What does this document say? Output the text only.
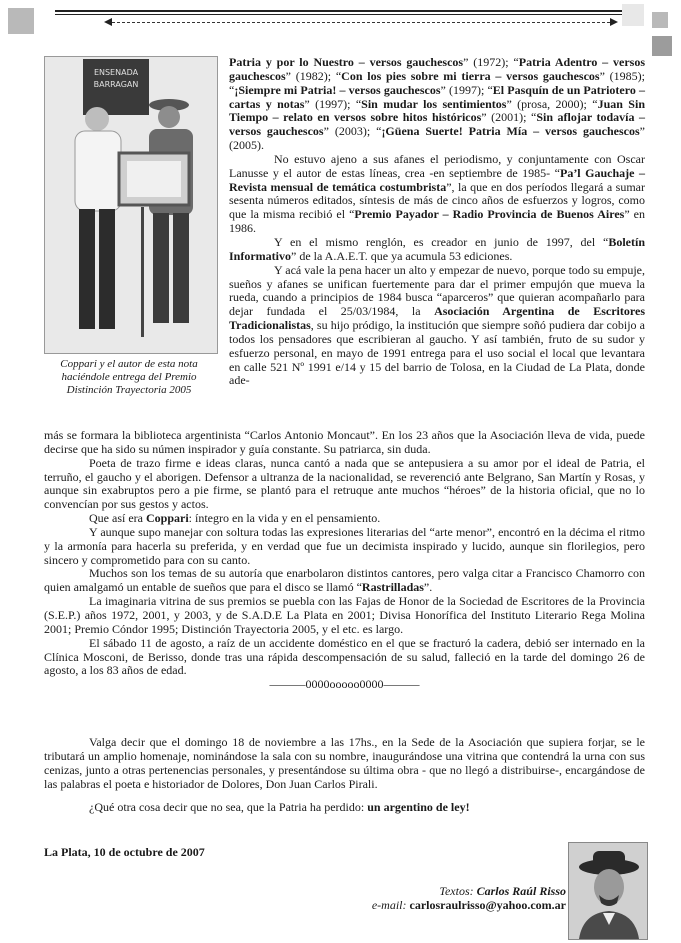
ENSENADA
BARRAGAN
Coppari y el autor de esta nota haciéndole entrega del Premio Distinción Trayectoria 2005

Patria y por lo Nuestro – versos gauchescos” (1972); “Patria Adentro – versos gauchescos” (1982); “Con los pies sobre mi tierra – versos gauchescos” (1985); “¡Siempre mi Patria! – versos gauchescos” (1997); “El Pasquín de un Patriotero – cartas y notas” (1997); “Sin mudar los sentimientos” (prosa, 2000); “Juan Sin Tiempo – relato en versos sobre hitos históricos” (2001); “Sin aflojar todavía – versos gauchescos” (2003); “¡Güena Suerte! Patria Mía – versos gauchescos” (2005).

No estuvo ajeno a sus afanes el periodismo, y conjuntamente con Oscar Lanusse y el autor de estas líneas, crea -en septiembre de 1985- “Pa’l Gauchaje – Revista mensual de temática costumbrista”, la que en dos períodos llegará a sumar sesenta números editados, síntesis de más de cinco años de esfuerzos y logros, como que la misma recibió el “Premio Payador – Radio Provincia de Buenos Aires” en 1986.

Y en el mismo renglón, es creador en junio de 1997, del “Boletín Informativo” de la A.A.E.T. que ya acumula 53 ediciones.

Y acá vale la pena hacer un alto y empezar de nuevo, porque todo su empuje, sueños y afanes se unifican fuertemente para dar el primer empujón que mueva la rueda, cuando a principios de 1984 busca “aparceros” que quieran acompañarlo para dejar fundada el 25/03/1984, la Asociación Argentina de Escritores Tradicionalistas, su hijo pródigo, la institución que siempre soñó pudiera dar cobijo a todos los pensadores que escribieran al gaucho. Y así también, fruto de su sudor y esfuerzo personal, en mayo de 1991 entrega para el uso social el local que levantara en calle 521 Nº 1991 e/14 y 15 del barrio de Tolosa, en la Ciudad de La Plata, donde ade-

más se formara la biblioteca argentinista “Carlos Antonio Moncaut”. En los 23 años que la Asociación lleva de vida, puede decirse que ha sido su númen inspirador y guía constante. Su patriarca, sin duda.

Poeta de trazo firme e ideas claras, nunca cantó a nada que se antepusiera a su amor por el ideal de Patria, el terruño, el gaucho y el aborigen. Defensor a ultranza de la nacionalidad, se reverenció ante Belgrano, San Martín y Rosas, y aunque sin exabruptos pero a pie firme, se plantó para el retruque ante muchos “héroes” de la historia oficial, que no lo convencían por sus gestos y actos.

Que así era Coppari: íntegro en la vida y en el pensamiento.

Y aunque supo manejar con soltura todas las expresiones literarias del “arte menor”, encontró en la décima el ritmo y la armonía para hacerla su preferida, y en verdad que fue un decimista inspirado y lucido, aunque sin florilegios, pero sincero y comprometido para con su canto.

Muchos son los temas de su autoría que enarbolaron distintos cantores, pero valga citar a Francisco Chamorro con quien amalgamó un entable de sueños que para el disco se llamó “Rastrilladas”.

La imaginaria vitrina de sus premios se puebla con las Fajas de Honor de la Sociedad de Escritores de la Provincia (S.E.P.) años 1972, 2001, y 2003, y de S.A.D.E La Plata en 2001; Divisa Honorífica del Instituto Literario Rega Molina 2001; Premio Cóndor 1995; Distinción Trayectoria 2005, y el etc. es largo.

El sábado 11 de agosto, a raíz de un accidente doméstico en el que se fracturó la cadera, debió ser internado en la Clínica Mosconi, de Berisso, donde tras una rápida descompensación de su salud, falleció en la tarde del domingo 26 de agosto, a los 83 años de edad.

———0000ooooo0000———

Valga decir que el domingo 18 de noviembre a las 17hs., en la Sede de la Asociación que supiera forjar, se le tributará un amplio homenaje, nominándose la sala con su nombre, inaugurándose una vitrina que contendrá la urna con sus cenizas, junto a otras pertenencias personales, y presentándose su última obra - que no llegó a distribuirse-, encargándose de las palabras el poeta e historiador de Dolores, Don Juan Carlos Pirali.

¿Qué otra cosa decir que no sea, que la Patria ha perdido: un argentino de ley!

La Plata, 10 de octubre de 2007
Textos: Carlos Raúl Risso
e-mail: carlosraulrisso@yahoo.com.ar
